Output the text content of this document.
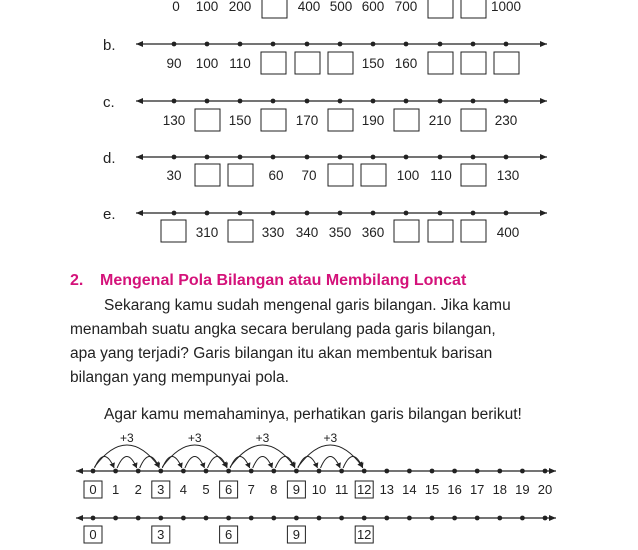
0 100 200	400 500 600 700	1000
b.
90 100 110	150 160
c.
130	150	170	190	210	230
d.
30	60 70	100 110	130
e.
310	330 340 350 360	400
2. Mengenal Pola Bilangan atau Membilang Loncat
Sekarang kamu sudah mengenal garis bilangan. Jika kamu
menambah suatu angka secara berulang pada garis bilangan,
apa yang terjadi? Garis bilangan itu akan membentuk barisan
bilangan yang mempunyai pola.
Agar kamu memahaminya, perhatikan garis bilangan berikut!
+3	+3	+3	+3
0 1 2 3 4 5 6 7 8 9 10 11 12 13 14 15 16 17 18 19 20
0	3	6	9	12
